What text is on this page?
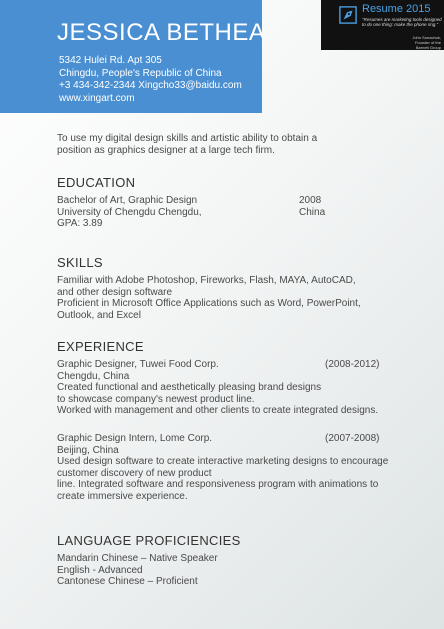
JESSICA BETHEA
5342 Hulei Rd. Apt 305
Chingdu, People's Republic of China
+3 434-342-2344 Xingcho33@baidu.com
www.xingart.com
Resume 2015
"Resumes are marketing tools designed to do one thing: make the phone ring."
John Sonachuk, Founder of the Barnett Group
To use my digital design skills and artistic ability to obtain a position as graphics designer at a large tech firm.
EDUCATION
Bachelor of Art, Graphic Design	2008
University of Chengdu Chengdu,	China
GPA: 3.89
SKILLS
Familiar with Adobe Photoshop, Fireworks, Flash, MAYA, AutoCAD,
and other design software
Proficient in Microsoft Office Applications such as Word, PowerPoint,
Outlook, and Excel
EXPERIENCE
Graphic Designer, Tuwei Food Corp.	(2008-2012)
Chengdu, China
Created functional and aesthetically pleasing brand designs
to showcase company's newest product line.
Worked with management and other clients to create integrated designs.
Graphic Design Intern, Lome Corp.	(2007-2008)
Beijing, China
Used design software to create interactive marketing designs to encourage
customer discovery of new product
line. Integrated software and responsiveness program with animations to
create immersive experience.
LANGUAGE PROFICIENCIES
Mandarin Chinese – Native Speaker
English - Advanced
Cantonese Chinese – Proficient
